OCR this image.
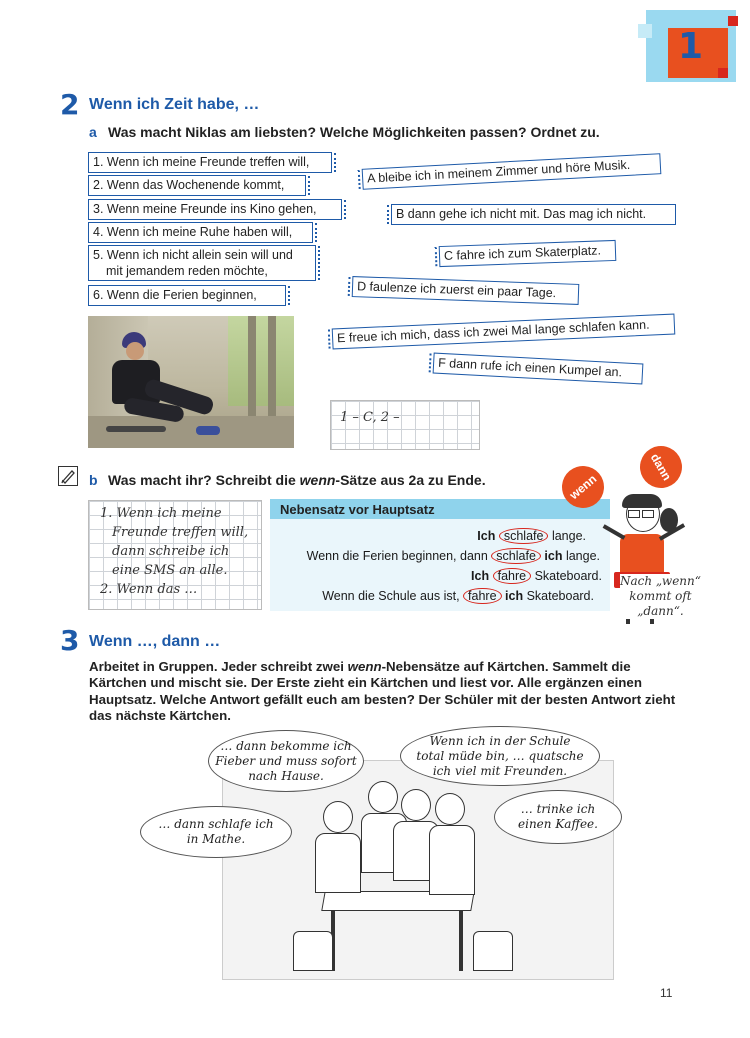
1
2 Wenn ich Zeit habe, …
a Was macht Niklas am liebsten? Welche Möglichkeiten passen? Ordnet zu.
1. Wenn ich meine Freunde treffen will,
2. Wenn das Wochenende kommt,
3. Wenn meine Freunde ins Kino gehen,
4. Wenn ich meine Ruhe haben will,
5. Wenn ich nicht allein sein will und
mit jemandem reden möchte,
6. Wenn die Ferien beginnen,
A bleibe ich in meinem Zimmer und höre Musik.
B dann gehe ich nicht mit. Das mag ich nicht.
C fahre ich zum Skaterplatz.
D faulenze ich zuerst ein paar Tage.
E freue ich mich, dass ich zwei Mal lange schlafen kann.
F dann rufe ich einen Kumpel an.
1 – C, 2 –
b Was macht ihr? Schreibt die wenn-Sätze aus 2a zu Ende.
1. Wenn ich meine
Freunde treffen will,
dann schreibe ich
eine SMS an alle.
2. Wenn das …
Nebensatz vor Hauptsatz
Ich schlafe lange.
Wenn die Ferien beginnen, dann schlafe ich lange.
Ich fahre Skateboard.
Wenn die Schule aus ist, fahre ich Skateboard.
wenn
dann
Nach „wenn“
kommt oft
„dann“.
3 Wenn …, dann …
Arbeitet in Gruppen. Jeder schreibt zwei wenn-Nebensätze auf Kärtchen. Sammelt die Kärtchen und mischt sie. Der Erste zieht ein Kärtchen und liest vor. Alle ergänzen einen Hauptsatz. Welche Antwort gefällt euch am besten? Der Schüler mit der besten Antwort zieht das nächste Kärtchen.
… dann bekomme ich
Fieber und muss sofort
nach Hause.
Wenn ich in der Schule
total müde bin, … quatsche
ich viel mit Freunden.
… dann schlafe ich
in Mathe.
… trinke ich
einen Kaffee.
11
